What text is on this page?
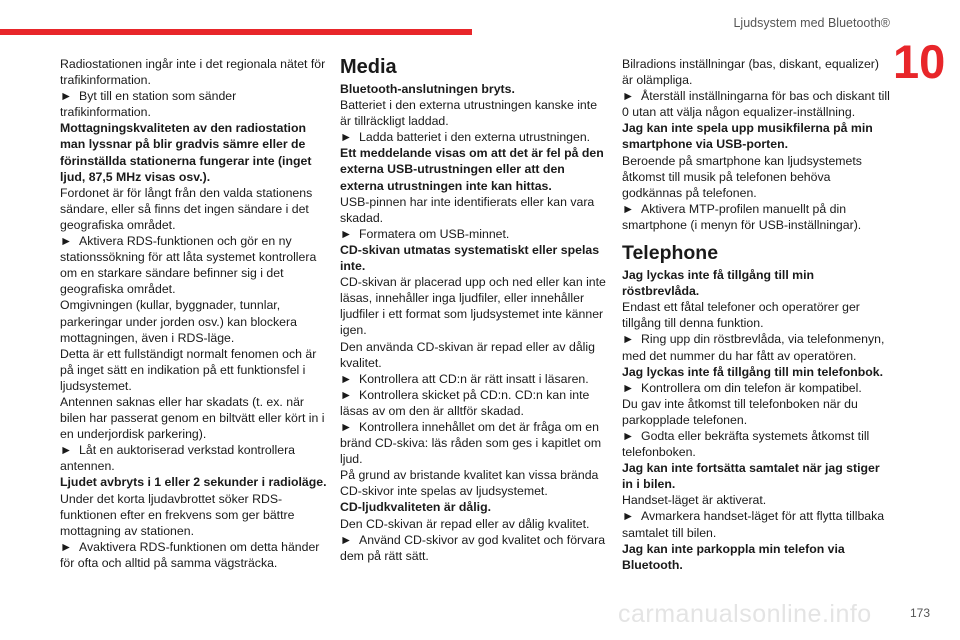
Ljudsystem med Bluetooth®
10

Radiostationen ingår inte i det regionala nätet för trafikinformation.

►  Byt till en station som sänder trafikinformation.

Mottagningskvaliteten av den radiostation man lyssnar på blir gradvis sämre eller de förinställda stationerna fungerar inte (inget ljud, 87,5 MHz visas osv.).

Fordonet är för långt från den valda stationens sändare, eller så finns det ingen sändare i det geografiska området.

►  Aktivera RDS-funktionen och gör en ny stationssökning för att låta systemet kontrollera om en starkare sändare befinner sig i det geografiska området.

Omgivningen (kullar, byggnader, tunnlar, parkeringar under jorden osv.) kan blockera mottagningen, även i RDS-läge.

Detta är ett fullständigt normalt fenomen och är på inget sätt en indikation på ett funktionsfel i ljudsystemet.

Antennen saknas eller har skadats (t. ex. när bilen har passerat genom en biltvätt eller kört in i en underjordisk parkering).

►  Låt en auktoriserad verkstad kontrollera antennen.

Ljudet avbryts i 1 eller 2 sekunder i radioläge.

Under det korta ljudavbrottet söker RDS-funktionen efter en frekvens som ger bättre mottagning av stationen.

►  Avaktivera RDS-funktionen om detta händer för ofta och alltid på samma vägsträcka.

Media

Bluetooth-anslutningen bryts.

Batteriet i den externa utrustningen kanske inte är tillräckligt laddad.

►  Ladda batteriet i den externa utrustningen.

Ett meddelande visas om att det är fel på den externa USB-utrustningen eller att den externa utrustningen inte kan hittas.

USB-pinnen har inte identifierats eller kan vara skadad.

►  Formatera om USB-minnet.

CD-skivan utmatas systematiskt eller spelas inte.

CD-skivan är placerad upp och ned eller kan inte läsas, innehåller inga ljudfiler, eller innehåller ljudfiler i ett format som ljudsystemet inte känner igen.

Den använda CD-skivan är repad eller av dålig kvalitet.

►  Kontrollera att CD:n är rätt insatt i läsaren.

►  Kontrollera skicket på CD:n. CD:n kan inte läsas av om den är alltför skadad.

►  Kontrollera innehållet om det är fråga om en bränd CD-skiva: läs råden som ges i kapitlet om ljud.

På grund av bristande kvalitet kan vissa brända CD-skivor inte spelas av ljudsystemet.

CD-ljudkvaliteten är dålig.

Den CD-skivan är repad eller av dålig kvalitet.

►  Använd CD-skivor av god kvalitet och förvara dem på rätt sätt.

Bilradions inställningar (bas, diskant, equalizer) är olämpliga.

►  Återställ inställningarna för bas och diskant till 0 utan att välja någon equalizer-inställning.

Jag kan inte spela upp musikfilerna på min smartphone via USB-porten.

Beroende på smartphone kan ljudsystemets åtkomst till musik på telefonen behöva godkännas på telefonen.

►  Aktivera MTP-profilen manuellt på din smartphone (i menyn för USB-inställningar).

Telephone

Jag lyckas inte få tillgång till min röstbrevlåda.

Endast ett fåtal telefoner och operatörer ger tillgång till denna funktion.

►  Ring upp din röstbrevlåda, via telefonmenyn, med det nummer du har fått av operatören.

Jag lyckas inte få tillgång till min telefonbok.

►  Kontrollera om din telefon är kompatibel.

Du gav inte åtkomst till telefonboken när du parkopplade telefonen.

►  Godta eller bekräfta systemets åtkomst till telefonboken.

Jag kan inte fortsätta samtalet när jag stiger in i bilen.

Handset-läget är aktiverat.

►  Avmarkera handset-läget för att flytta tillbaka samtalet till bilen.

Jag kan inte parkoppla min telefon via Bluetooth.

carmanualsonline.info	173
